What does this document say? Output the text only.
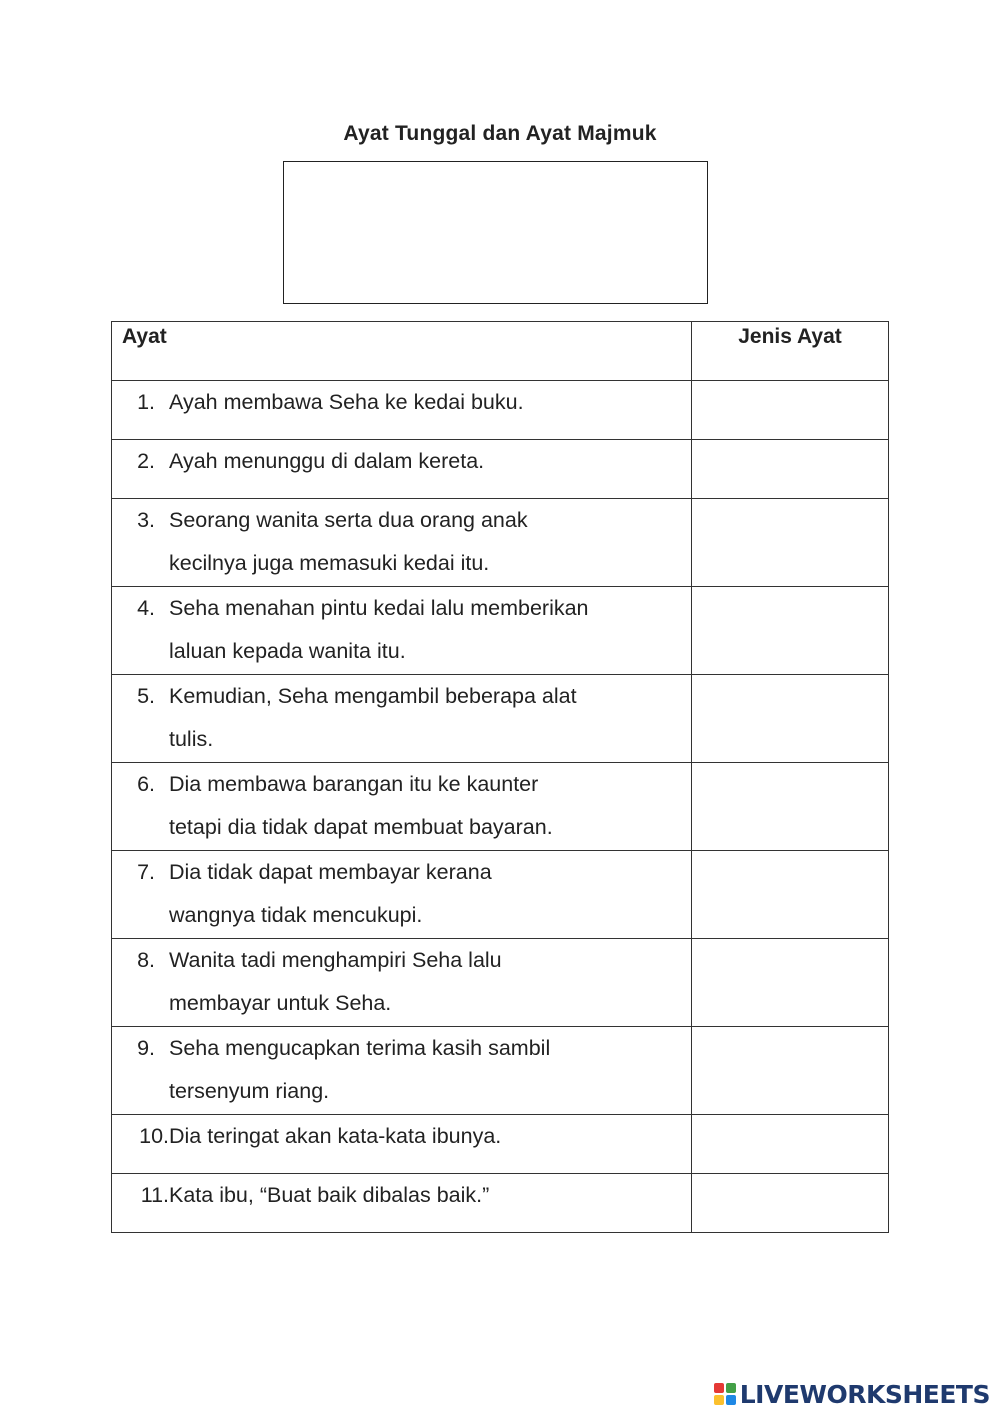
Ayat Tunggal dan Ayat Majmuk
Ayat	Jenis Ayat

1. Ayah membawa Seha ke kedai buku.	

2. Ayah menunggu di dalam kereta.	

3. Seorang wanita serta dua orang anak
kecilnya juga memasuki kedai itu.	

4. Seha menahan pintu kedai lalu memberikan
laluan kepada wanita itu.	

5. Kemudian, Seha mengambil beberapa alat
tulis.	

6. Dia membawa barangan itu ke kaunter
tetapi dia tidak dapat membuat bayaran.	

7. Dia tidak dapat membayar kerana
wangnya tidak mencukupi.	

8. Wanita tadi menghampiri Seha lalu
membayar untuk Seha.	

9. Seha mengucapkan terima kasih sambil
tersenyum riang.	

10. Dia teringat akan kata-kata ibunya.	

11. Kata ibu, “Buat baik dibalas baik.”	

LIVEWORKSHEETS
